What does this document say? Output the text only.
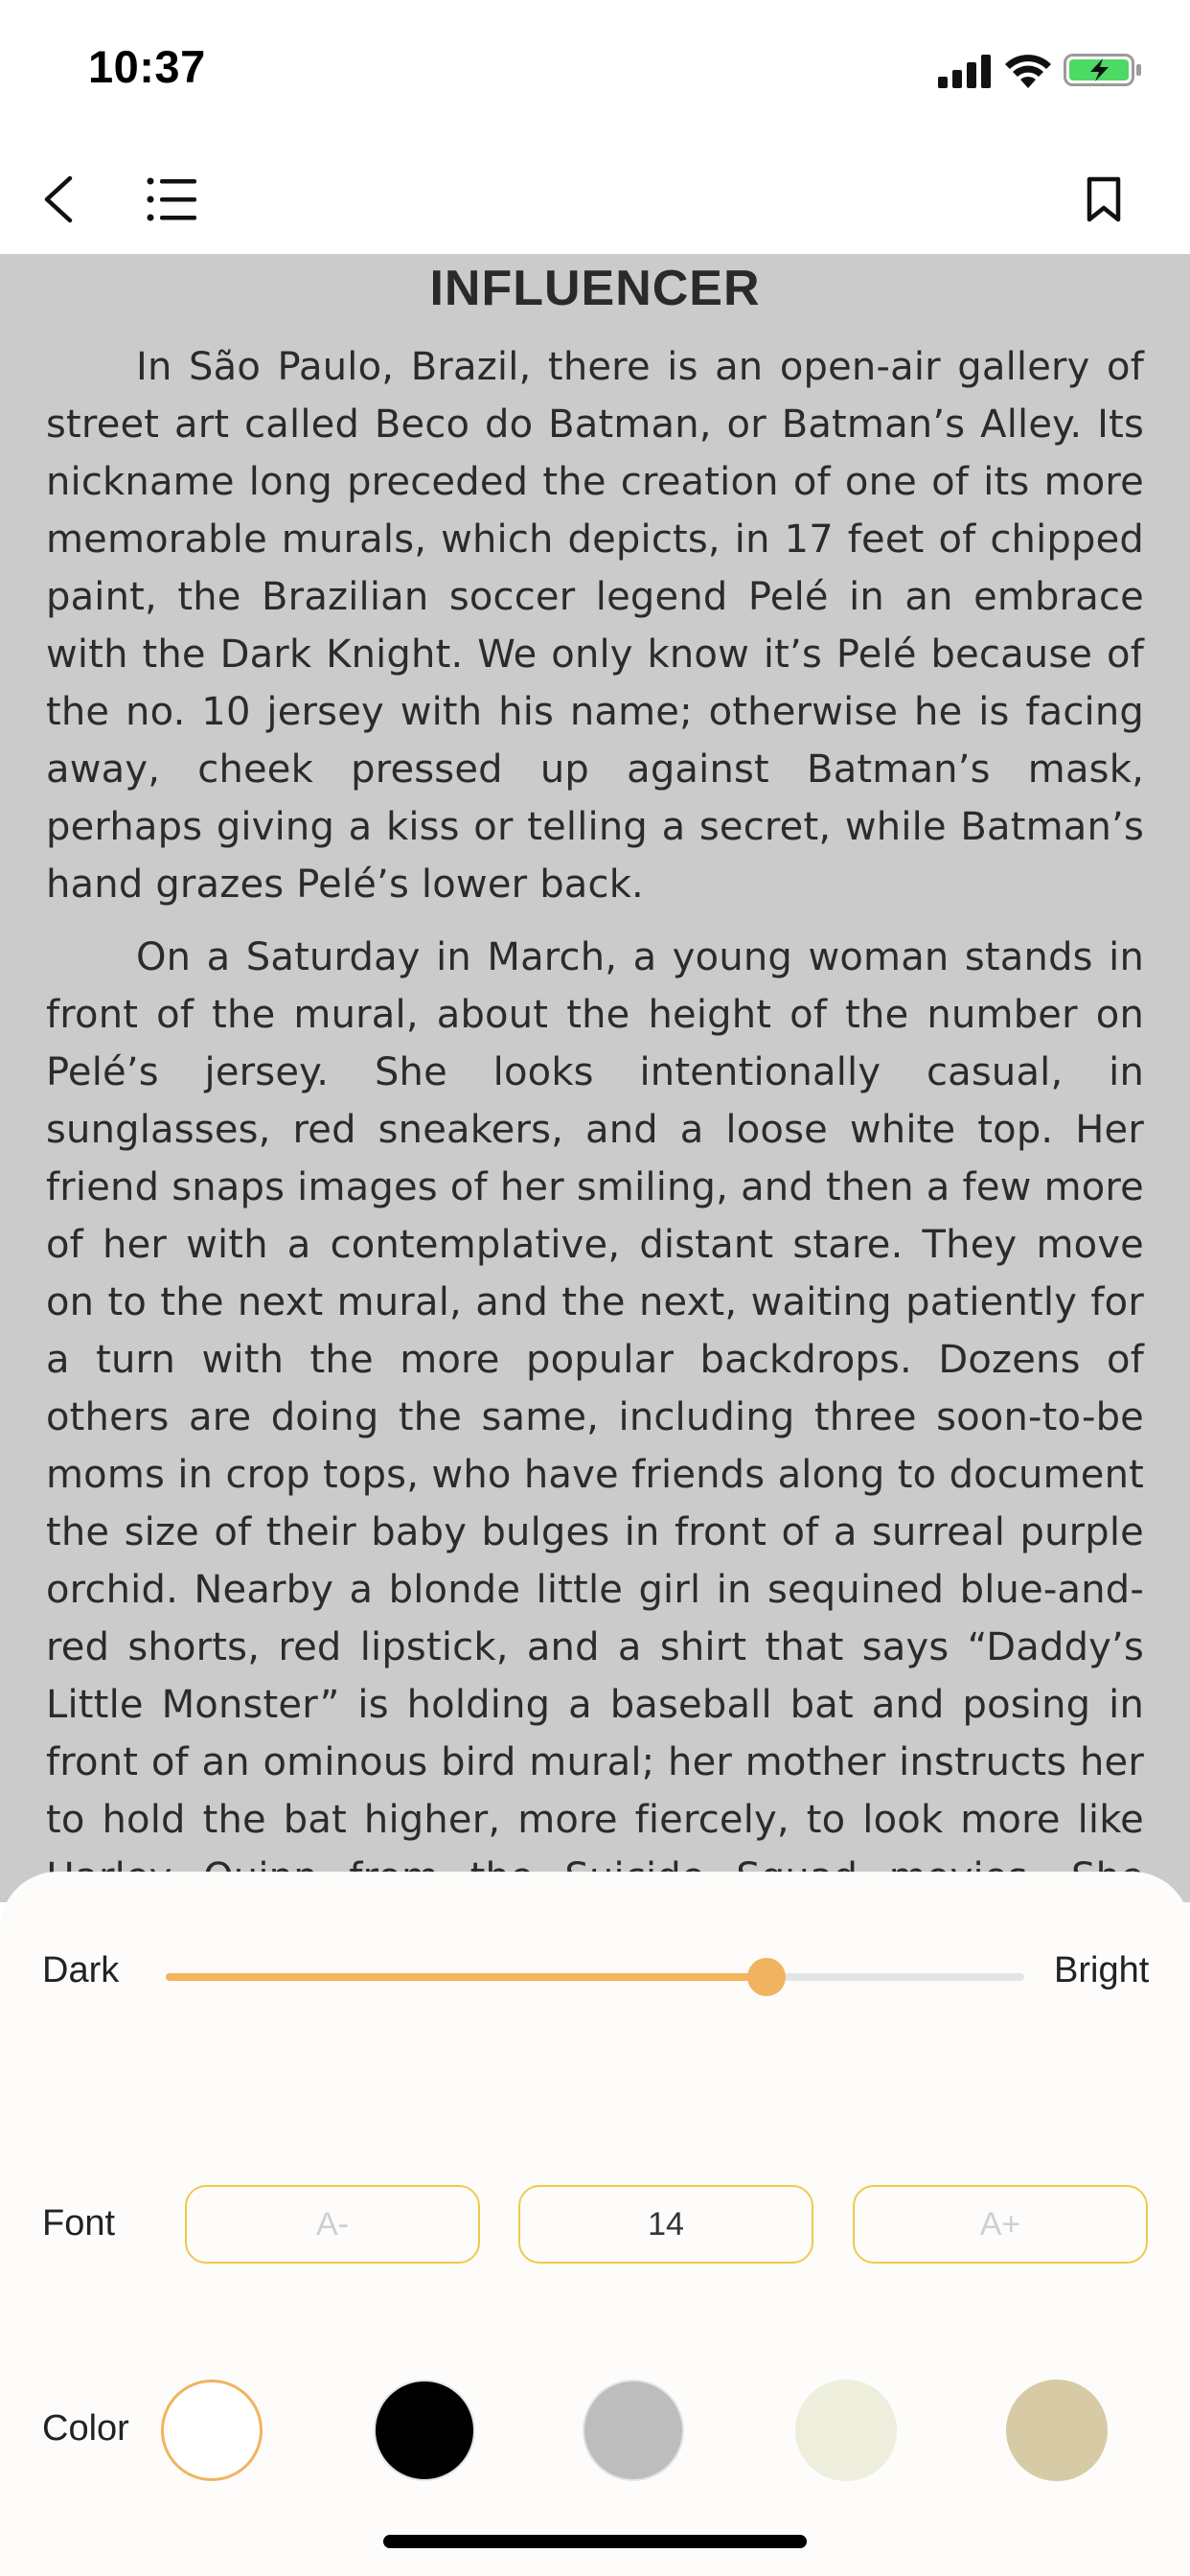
10:37
INFLUENCER

In São Paulo, Brazil, there is an open-air gallery of street art called Beco do Batman, or Batman’s Alley. Its nickname long preceded the creation of one of its more memorable murals, which depicts, in 17 feet of chipped paint, the Brazilian soccer legend Pelé in an embrace with the Dark Knight. We only know it’s Pelé because of the no. 10 jersey with his name; otherwise he is facing away, cheek pressed up against Batman’s mask, perhaps giving a kiss or telling a secret, while Batman’s hand grazes Pelé’s lower back.

On a Saturday in March, a young woman stands in front of the mural, about the height of the number on Pelé’s jersey. She looks intentionally casual, in sunglasses, red sneakers, and a loose white top. Her friend snaps images of her smiling, and then a few more of her with a contemplative, distant stare. They move on to the next mural, and the next, waiting patiently for a turn with the more popular backdrops. Dozens of others are doing the same, including three soon-to-be moms in crop tops, who have friends along to document the size of their baby bulges in front of a surreal purple orchid. Nearby a blonde little girl in sequined blue-and-red shorts, red lipstick, and a shirt that says “Daddy’s Little Monster” is holding a baseball bat and posing in front of an ominous bird mural; her mother instructs her to hold the bat higher, more fiercely, to look more like

Dark	Bright
Font	A-	14	A+
Color
